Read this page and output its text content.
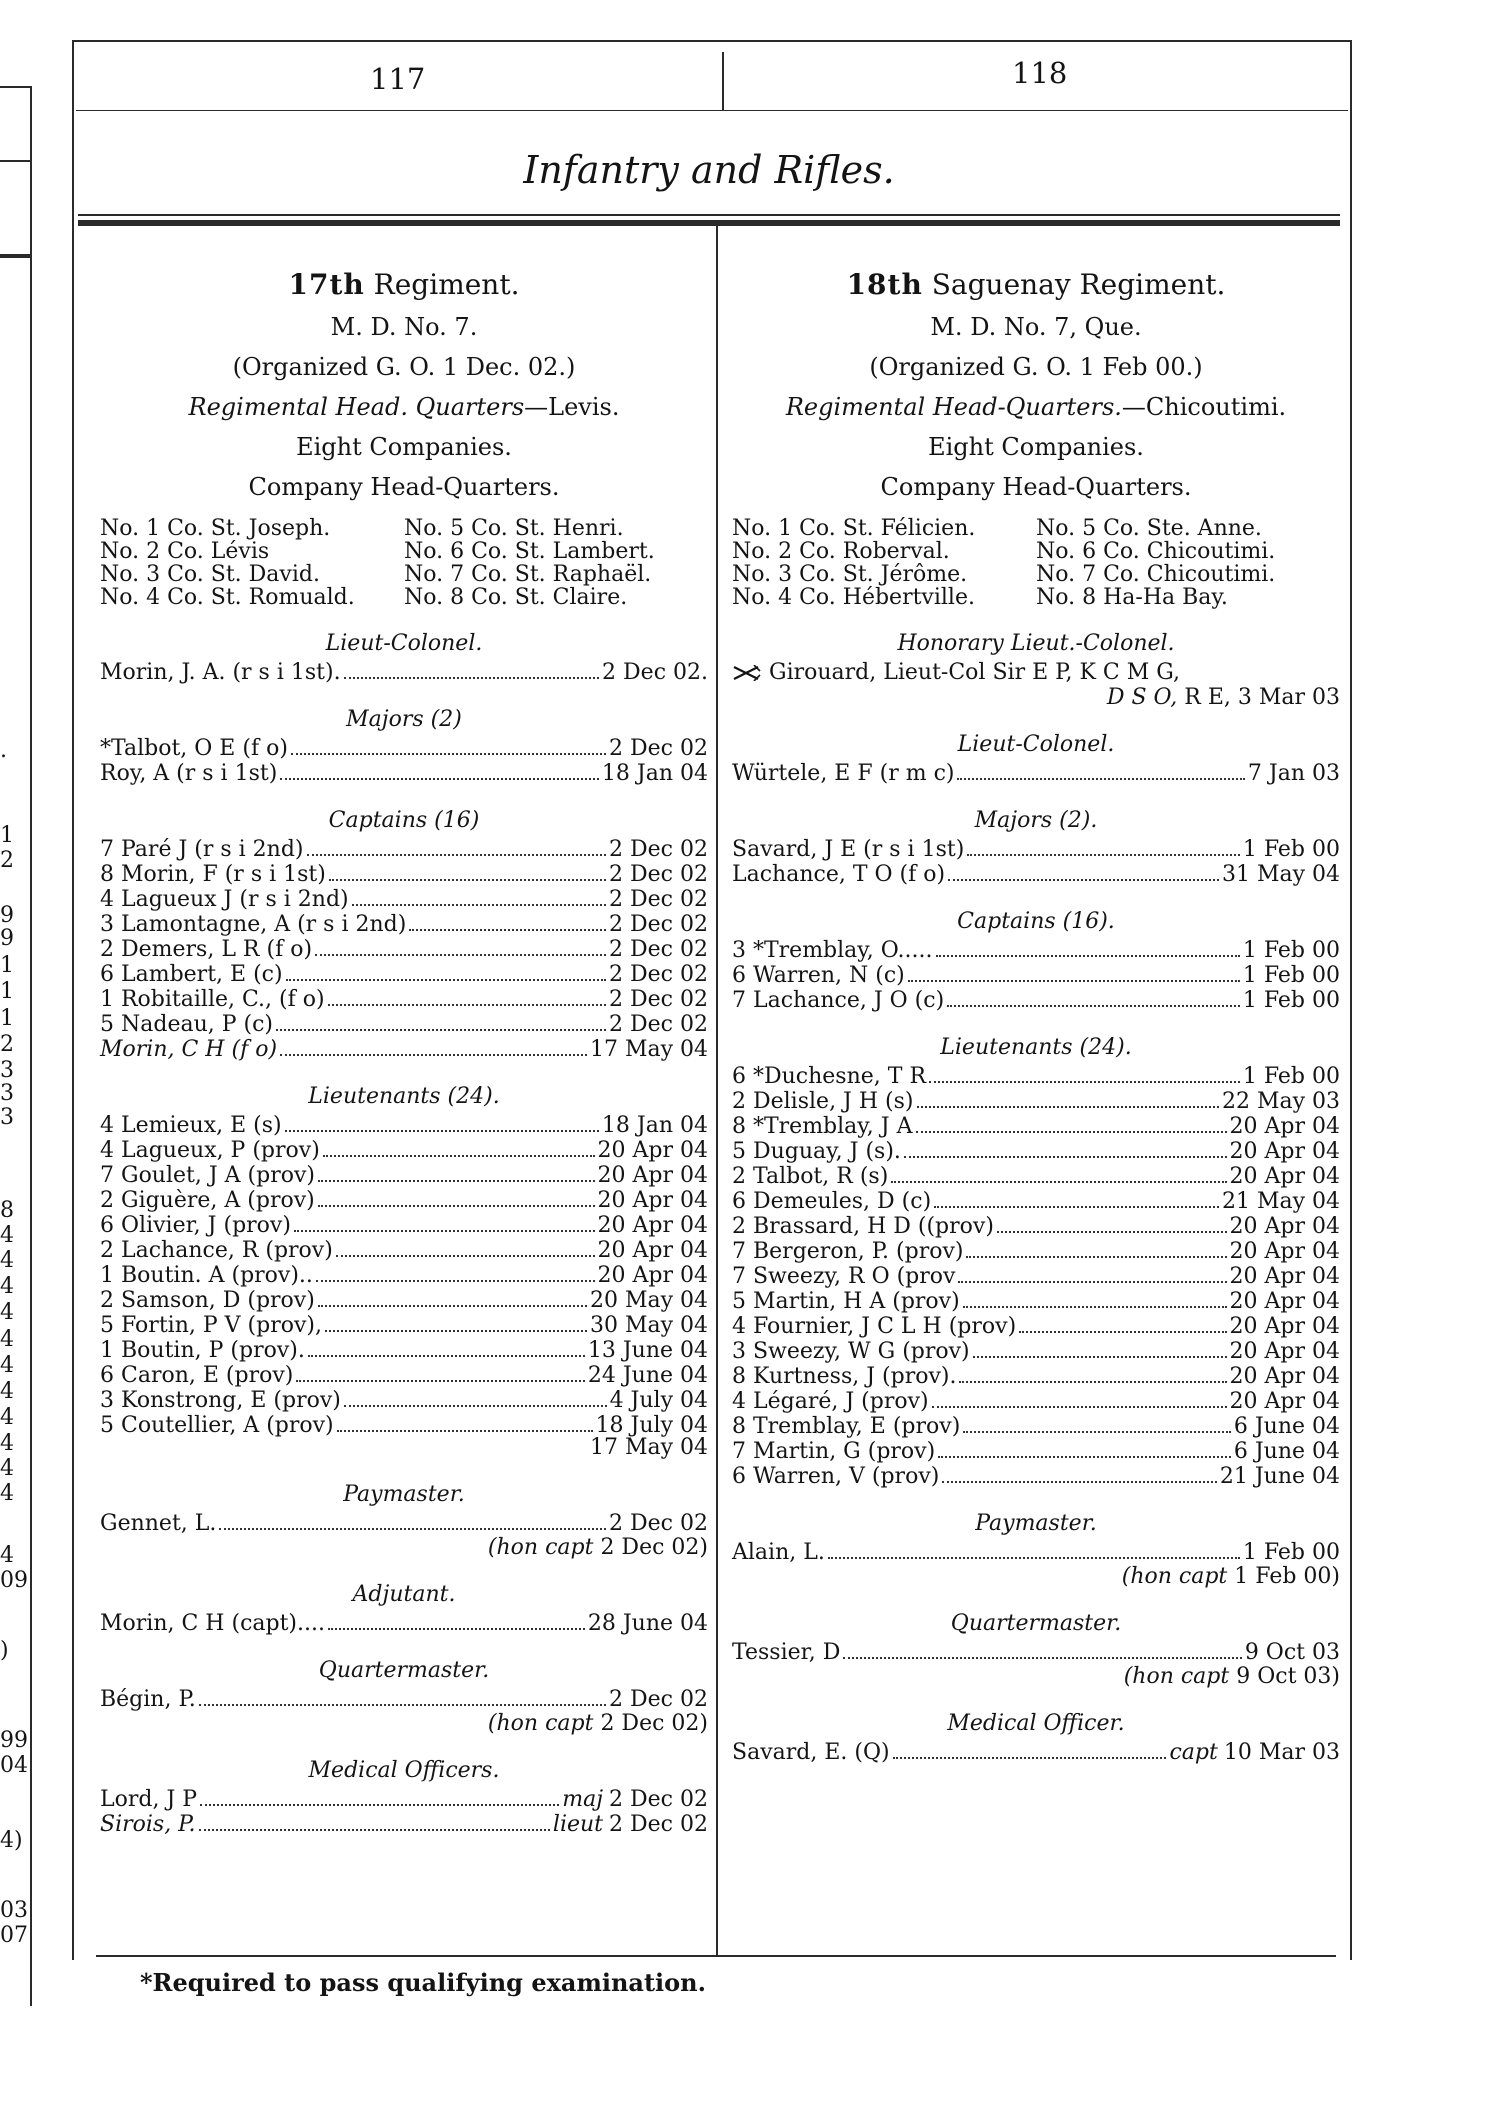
.
1
2
9
9
1
1
1
2
3
3
3
8
4
4
4
4
4
4
4
4
4
4
4
4
09
)
99
04
4)
03
07
117	118
Infantry and Rifles.
17th Regiment.
M. D. No. 7.
(Organized G. O. 1 Dec. 02.)
Regimental Head. Quarters—Levis.
Eight Companies.
Company Head-Quarters.
No. 1 Co. St. Joseph.	No. 5 Co. St. Henri.
No. 2 Co. Lévis	No. 6 Co. St. Lambert.
No. 3 Co. St. David.	No. 7 Co. St. Raphaël.
No. 4 Co. St. Romuald.	No. 8 Co. St. Claire.
Lieut-Colonel.
Morin, J. A. (r s i 1st).	2 Dec 02.
Majors (2)
*Talbot, O E (f o)	2 Dec 02
Roy, A (r s i 1st)	18 Jan 04
Captains (16)
7 Paré J (r s i 2nd)	2 Dec 02
8 Morin, F (r s i 1st)	2 Dec 02
4 Lagueux J (r s i 2nd)	2 Dec 02
3 Lamontagne, A (r s i 2nd)	2 Dec 02
2 Demers, L R (f o)	2 Dec 02
6 Lambert, E (c)	2 Dec 02
1 Robitaille, C., (f o)	2 Dec 02
5 Nadeau, P (c)	2 Dec 02
Morin, C H (f o)	17 May 04
Lieutenants (24).
4 Lemieux, E (s)	18 Jan 04
4 Lagueux, P (prov)	20 Apr 04
7 Goulet, J A (prov)	20 Apr 04
2 Giguère, A (prov)	20 Apr 04
6 Olivier, J (prov)	20 Apr 04
2 Lachance, R (prov)	20 Apr 04
1 Boutin. A (prov)..	20 Apr 04
2 Samson, D (prov)	20 May 04
5 Fortin, P V (prov),	30 May 04
1 Boutin, P (prov).	13 June 04
6 Caron, E (prov)	24 June 04
3 Konstrong, E (prov)	4 July 04
5 Coutellier, A (prov)	18 July 04
17 May 04
Paymaster.
Gennet, L.	2 Dec 02
(hon capt 2 Dec 02)
Adjutant.
Morin, C H (capt)....	28 June 04
Quartermaster.
Bégin, P.	2 Dec 02
(hon capt 2 Dec 02)
Medical Officers.
Lord, J P	maj 2 Dec 02
Sirois, P.	lieut 2 Dec 02
18th Saguenay Regiment.
M. D. No. 7, Que.
(Organized G. O. 1 Feb 00.)
Regimental Head-Quarters.—Chicoutimi.
Eight Companies.
Company Head-Quarters.
No. 1 Co. St. Félicien.	No. 5 Co. Ste. Anne.
No. 2 Co. Roberval.	No. 6 Co. Chicoutimi.
No. 3 Co. St. Jérôme.	No. 7 Co. Chicoutimi.
No. 4 Co. Hébertville.	No. 8 Ha-Ha Bay.
Honorary Lieut.-Colonel.
Girouard, Lieut-Col Sir E P, K C M G,
D S O, R E, 3 Mar 03
Lieut-Colonel.
Würtele, E F (r m c)	7 Jan 03
Majors (2).
Savard, J E (r s i 1st)	1 Feb 00
Lachance, T O (f o)	31 May 04
Captains (16).
3 *Tremblay, O.....	1 Feb 00
6 Warren, N (c)	1 Feb 00
7 Lachance, J O (c)	1 Feb 00
Lieutenants (24).
6 *Duchesne, T R	1 Feb 00
2 Delisle, J H (s)	22 May 03
8 *Tremblay, J A	20 Apr 04
5 Duguay, J (s).	20 Apr 04
2 Talbot, R (s)	20 Apr 04
6 Demeules, D (c)	21 May 04
2 Brassard, H D ((prov)	20 Apr 04
7 Bergeron, P. (prov)	20 Apr 04
7 Sweezy, R O (prov	20 Apr 04
5 Martin, H A (prov)	20 Apr 04
4 Fournier, J C L H (prov)	20 Apr 04
3 Sweezy, W G (prov)	20 Apr 04
8 Kurtness, J (prov).	20 Apr 04
4 Légaré, J (prov)	20 Apr 04
8 Tremblay, E (prov)	6 June 04
7 Martin, G (prov)	6 June 04
6 Warren, V (prov)	21 June 04
Paymaster.
Alain, L.	1 Feb 00
(hon capt 1 Feb 00)
Quartermaster.
Tessier, D	9 Oct 03
(hon capt 9 Oct 03)
Medical Officer.
Savard, E. (Q)	capt 10 Mar 03
*Required to pass qualifying examination.
